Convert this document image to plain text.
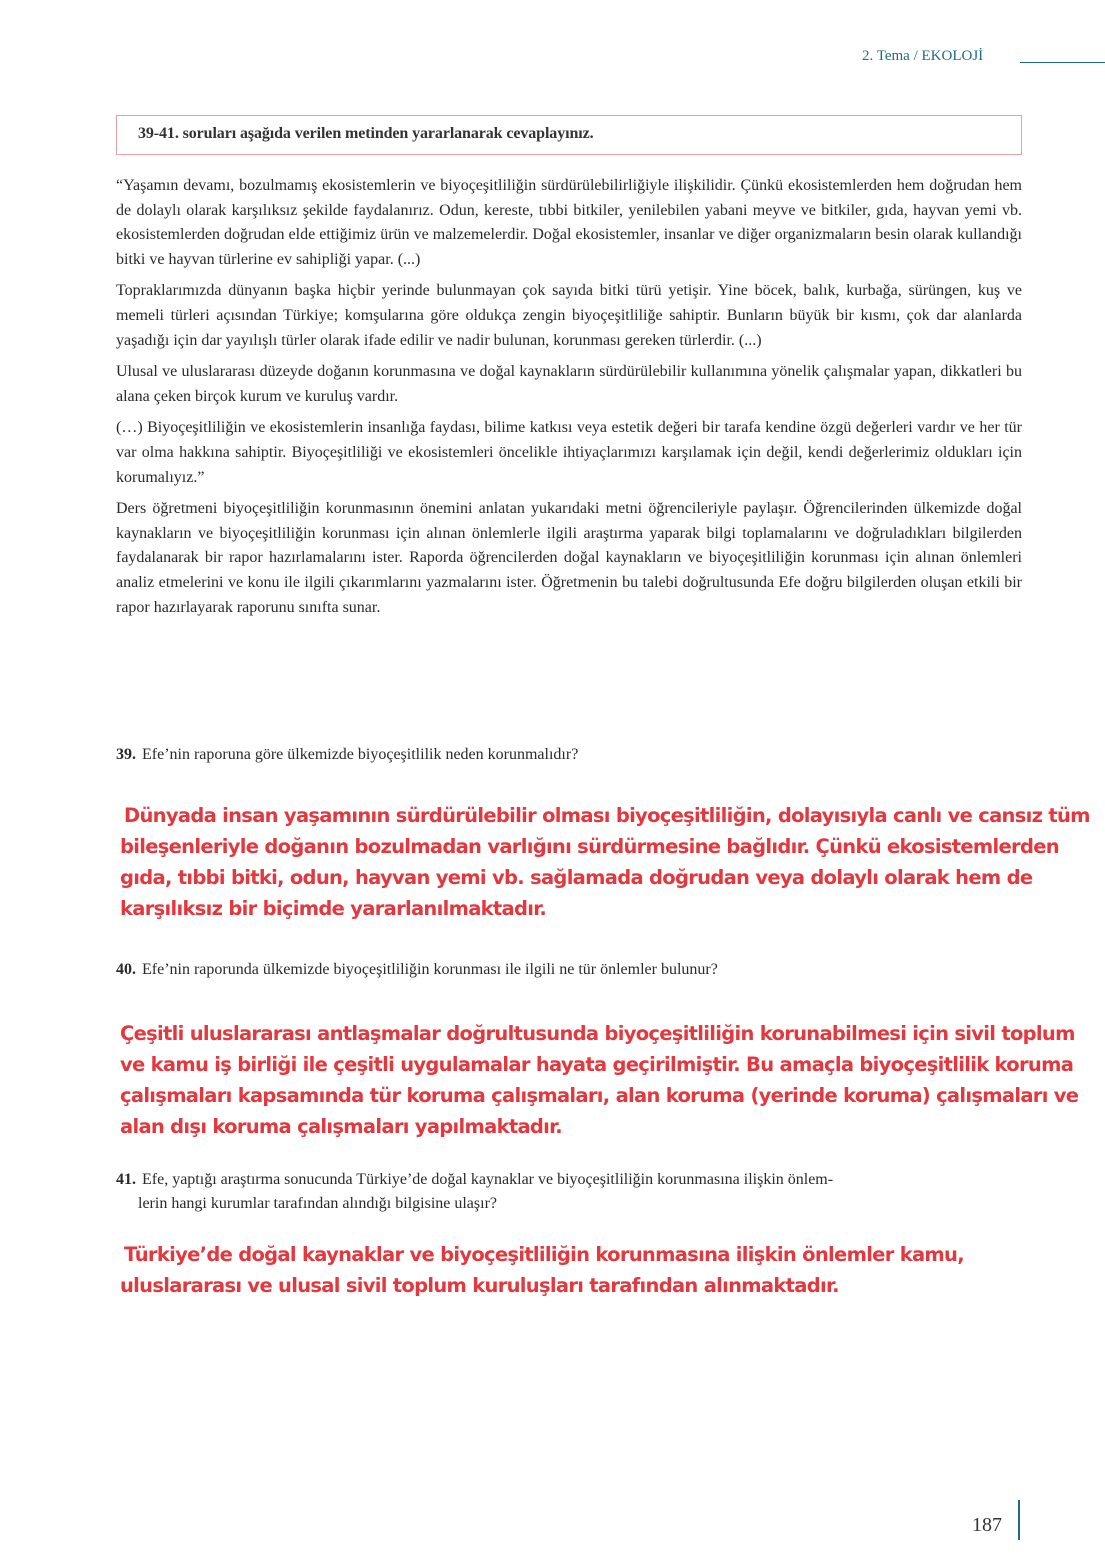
2. Tema / EKOLOJİ
39-41. soruları aşağıda verilen metinden yararlanarak cevaplayınız.

“Yaşamın devamı, bozulmamış ekosistemlerin ve biyoçeşitliliğin sürdürülebilirliğiyle ilişkilidir. Çünkü ekosistemlerden hem doğrudan hem de dolaylı olarak karşılıksız şekilde faydalanırız. Odun, kereste, tıbbi bitkiler, yenilebilen yabani meyve ve bitkiler, gıda, hayvan yemi vb. ekosistemlerden doğrudan elde ettiğimiz ürün ve malzemelerdir. Doğal ekosistemler, insanlar ve diğer organizmaların besin olarak kullandığı bitki ve hayvan türlerine ev sahipliği yapar. (...)

Topraklarımızda dünyanın başka hiçbir yerinde bulunmayan çok sayıda bitki türü yetişir. Yine böcek, balık, kurbağa, sürüngen, kuş ve memeli türleri açısından Türkiye; komşularına göre oldukça zengin biyoçeşitliliğe sahiptir. Bunların büyük bir kısmı, çok dar alanlarda yaşadığı için dar yayılışlı türler olarak ifade edilir ve nadir bulunan, korunması gereken türlerdir. (...)

Ulusal ve uluslararası düzeyde doğanın korunmasına ve doğal kaynakların sürdürülebilir kullanımına yönelik çalışmalar yapan, dikkatleri bu alana çeken birçok kurum ve kuruluş vardır.

(…) Biyoçeşitliliğin ve ekosistemlerin insanlığa faydası, bilime katkısı veya estetik değeri bir tarafa kendine özgü değerleri vardır ve her tür var olma hakkına sahiptir. Biyoçeşitliliği ve ekosistemleri öncelikle ihtiyaçlarımızı karşılamak için değil, kendi değerlerimiz oldukları için korumalıyız.”

Ders öğretmeni biyoçeşitliliğin korunmasının önemini anlatan yukarıdaki metni öğrencileriyle paylaşır. Öğrencilerinden ülkemizde doğal kaynakların ve biyoçeşitliliğin korunması için alınan önlemlerle ilgili araştırma yaparak bilgi toplamalarını ve doğruladıkları bilgilerden faydalanarak bir rapor hazırlamalarını ister. Raporda öğrencilerden doğal kaynakların ve biyoçeşitliliğin korunması için alınan önlemleri analiz etmelerini ve konu ile ilgili çıkarımlarını yazmalarını ister. Öğretmenin bu talebi doğrultusunda Efe doğru bilgilerden oluşan etkili bir rapor hazırlayarak raporunu sınıfta sunar.

39. Efe’nin raporuna göre ülkemizde biyoçeşitlilik neden korunmalıdır?
Dünyada insan yaşamının sürdürülebilir olması biyoçeşitliliğin, dolayısıyla canlı ve cansız tüm bileşenleriyle doğanın bozulmadan varlığını sürdürmesine bağlıdır. Çünkü ekosistemlerden gıda, tıbbi bitki, odun, hayvan yemi vb. sağlamada doğrudan veya dolaylı olarak hem de karşılıksız bir biçimde yararlanılmaktadır.
40. Efe’nin raporunda ülkemizde biyoçeşitliliğin korunması ile ilgili ne tür önlemler bulunur?
Çeşitli uluslararası antlaşmalar doğrultusunda biyoçeşitliliğin korunabilmesi için sivil toplum ve kamu iş birliği ile çeşitli uygulamalar hayata geçirilmiştir. Bu amaçla biyoçeşitlilik koruma çalışmaları kapsamında tür koruma çalışmaları, alan koruma (yerinde koruma) çalışmaları ve alan dışı koruma çalışmaları yapılmaktadır.
41. Efe, yaptığı araştırma sonucunda Türkiye’de doğal kaynaklar ve biyoçeşitliliğin korunmasına ilişkin önlem-
lerin hangi kurumlar tarafından alındığı bilgisine ulaşır?
Türkiye’de doğal kaynaklar ve biyoçeşitliliğin korunmasına ilişkin önlemler kamu, uluslararası ve ulusal sivil toplum kuruluşları tarafından alınmaktadır.
187
